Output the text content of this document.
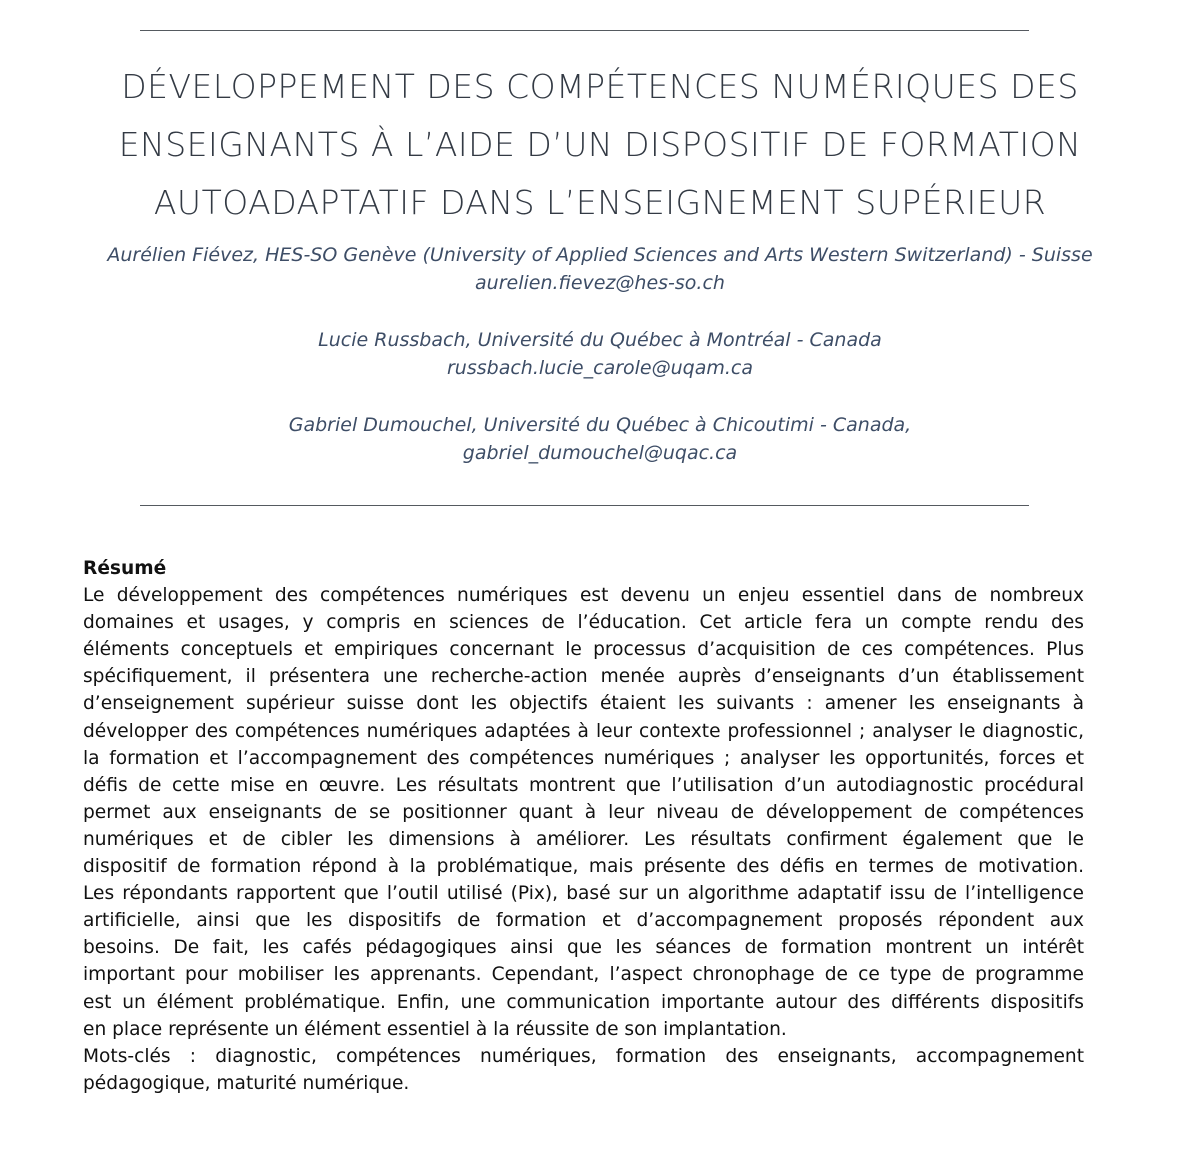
DÉVELOPPEMENT DES COMPÉTENCES NUMÉRIQUES DES
ENSEIGNANTS À L’AIDE D’UN DISPOSITIF DE FORMATION
AUTOADAPTATIF DANS L’ENSEIGNEMENT SUPÉRIEUR
Aurélien Fiévez, HES-SO Genève (University of Applied Sciences and Arts Western Switzerland) - Suisse
aurelien.fievez@hes-so.ch
Lucie Russbach, Université du Québec à Montréal - Canada
russbach.lucie_carole@uqam.ca
Gabriel Dumouchel, Université du Québec à Chicoutimi - Canada,
gabriel_dumouchel@uqac.ca
Résumé
Le développement des compétences numériques est devenu un enjeu essentiel dans de nombreux
domaines et usages, y compris en sciences de l’éducation. Cet article fera un compte rendu des
éléments conceptuels et empiriques concernant le processus d’acquisition de ces compétences. Plus
spécifiquement, il présentera une recherche-action menée auprès d’enseignants d’un établissement
d’enseignement supérieur suisse dont les objectifs étaient les suivants : amener les enseignants à
développer des compétences numériques adaptées à leur contexte professionnel ; analyser le diagnostic,
la formation et l’accompagnement des compétences numériques ; analyser les opportunités, forces et
défis de cette mise en œuvre. Les résultats montrent que l’utilisation d’un autodiagnostic procédural
permet aux enseignants de se positionner quant à leur niveau de développement de compétences
numériques et de cibler les dimensions à améliorer. Les résultats confirment également que le
dispositif de formation répond à la problématique, mais présente des défis en termes de motivation.
Les répondants rapportent que l’outil utilisé (Pix), basé sur un algorithme adaptatif issu de l’intelligence
artificielle, ainsi que les dispositifs de formation et d’accompagnement proposés répondent aux
besoins. De fait, les cafés pédagogiques ainsi que les séances de formation montrent un intérêt
important pour mobiliser les apprenants. Cependant, l’aspect chronophage de ce type de programme
est un élément problématique. Enfin, une communication importante autour des différents dispositifs
en place représente un élément essentiel à la réussite de son implantation.
Mots-clés : diagnostic, compétences numériques, formation des enseignants, accompagnement
pédagogique, maturité numérique.
